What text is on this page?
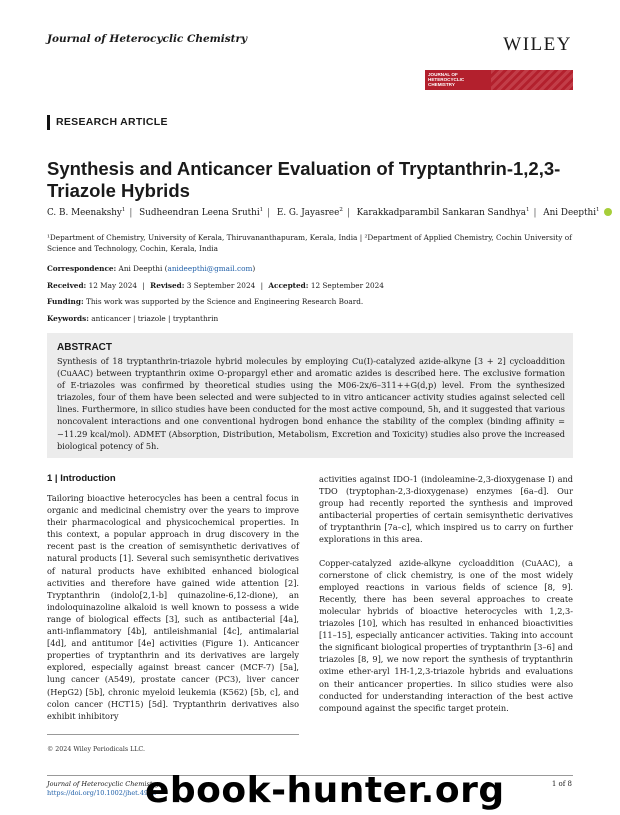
Journal of Heterocyclic Chemistry	WILEY
JOURNAL OF
HETEROCYCLIC
CHEMISTRY
RESEARCH ARTICLE
Synthesis and Anticancer Evaluation of Tryptanthrin-1,2,3-Triazole Hybrids
C. B. Meenakshy$^1$ | Sudheendran Leena Sruthi$^1$ | E. G. Jayasree$^2$ | Karakkadparambil Sankaran Sandhya$^1$ | Ani Deepthi$^1$
¹Department of Chemistry, University of Kerala, Thiruvananthapuram, Kerala, India | ²Department of Applied Chemistry, Cochin University of Science and Technology, Cochin, Kerala, India
Correspondence: Ani Deepthi (anideepthi@gmail.com)
Received: 12 May 2024 | Revised: 3 September 2024 | Accepted: 12 September 2024
Funding: This work was supported by the Science and Engineering Research Board.
Keywords: anticancer | triazole | tryptanthrin
ABSTRACT
Synthesis of 18 tryptanthrin-triazole hybrid molecules by employing Cu(I)-catalyzed azide-alkyne [3 + 2] cycloaddition (CuAAC) between tryptanthrin oxime O-propargyl ether and aromatic azides is described here. The exclusive formation of E-triazoles was confirmed by theoretical studies using the M06-2x/6–311++G(d,p) level. From the synthesized triazoles, four of them have been selected and were subjected to in vitro anticancer activity studies against selected cell lines. Furthermore, in silico studies have been conducted for the most active compound, 5h, and it suggested that various noncovalent interactions and one conventional hydrogen bond enhance the stability of the complex (binding affinity = −11.29 kcal/mol). ADMET (Absorption, Distribution, Metabolism, Excretion and Toxicity) studies also prove the increased biological potency of 5h.
1 | Introduction
Tailoring bioactive heterocycles has been a central focus in organic and medicinal chemistry over the years to improve their pharmacological and physicochemical properties. In this context, a popular approach in drug discovery in the recent past is the creation of semisynthetic derivatives of natural products [1]. Several such semisynthetic derivatives of natural products have exhibited enhanced biological activities and therefore have gained wide attention [2]. Tryptanthrin (indolo[2,1-b] quinazoline-6,12-dione), an indoloquinazoline alkaloid is well known to possess a wide range of biological effects [3], such as antibacterial [4a], anti-inflammatory [4b], antileishmanial [4c], antimalarial [4d], and antitumor [4e] activities (Figure 1). Anticancer properties of tryptanthrin and its derivatives are largely explored, especially against breast cancer (MCF-7) [5a], lung cancer (A549), prostate cancer (PC3), liver cancer (HepG2) [5b], chronic myeloid leukemia (K562) [5b, c], and colon cancer (HCT15) [5d]. Tryptanthrin derivatives also exhibit inhibitory
activities against IDO-1 (indoleamine-2,3-dioxygenase I) and TDO (tryptophan-2,3-dioxygenase) enzymes [6a–d]. Our group had recently reported the synthesis and improved antibacterial properties of certain semisynthetic derivatives of tryptanthrin [7a–c], which inspired us to carry on further explorations in this area.
Copper-catalyzed azide-alkyne cycloaddition (CuAAC), a cornerstone of click chemistry, is one of the most widely employed reactions in various fields of science [8, 9]. Recently, there has been several approaches to create molecular hybrids of bioactive heterocycles with 1,2,3-triazoles [10], which has resulted in enhanced bioactivities [11–15], especially anticancer activities. Taking into account the significant biological properties of tryptanthrin [3–6] and triazoles [8, 9], we now report the synthesis of tryptanthrin oxime ether-aryl 1H-1,2,3-triazole hybrids and evaluations on their anticancer properties. In silico studies were also conducted for understanding interaction of the best active compound against the specific target protein.
© 2024 Wiley Periodicals LLC.
Journal of Heterocyclic Chemistry
https://doi.org/10.1002/jhet.4916
1 of 8
ebook-hunter.org
